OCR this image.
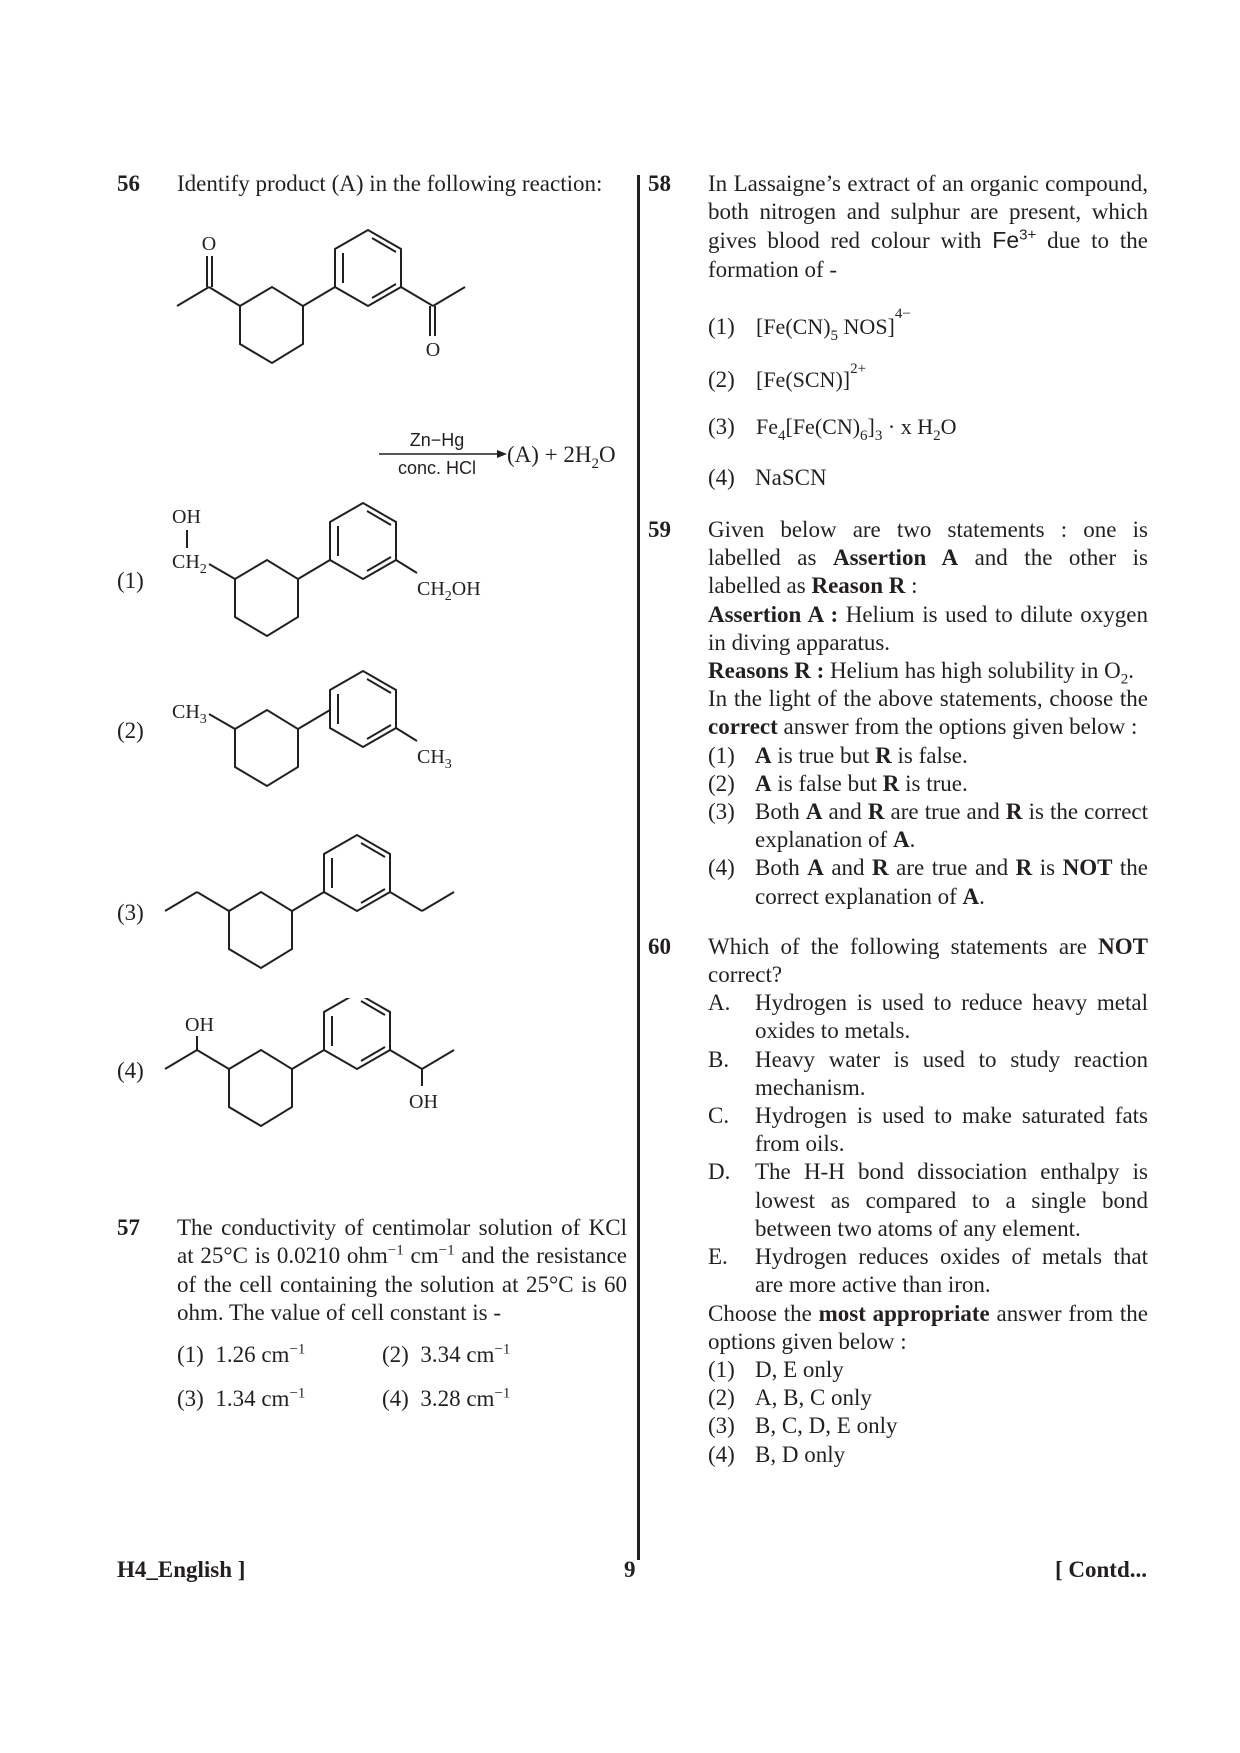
56 Identify product (A) in the following reaction:
O
O
Zn−Hg
conc. HCl
$(A) + 2H_2O$
(1)
OH
$CH_2$
$CH_2OH$
(2)
$CH_3$
$CH_3$
(3)
(4)
OH
OH
57 The conductivity of centimolar solution of KCl at 25°C is 0.0210 ohm$^{-1}$ $cm^{-1}$ and the resistance of the cell containing the solution at 25°C is 60 ohm. The value of cell constant is -
(1) 1.26 $cm^{-1}$	(2) 3.34 $cm^{-1}$
(3) 1.34 $cm^{-1}$	(4) 3.28 $cm^{-1}$
58 In Lassaigne’s extract of an organic compound, both nitrogen and sulphur are present, which gives blood red colour with $Fe^{3+}$ due to the formation of -
(1) [$Fe(CN)_5$ NOS]$^{4-}$
(2) $[Fe(SCN)]^{2+}$
(3) $Fe_4[Fe(CN)_6]_3 \cdot x$ $H_2O$
(4) NaSCN
59 Given below are two statements : one is labelled as Assertion A and the other is labelled as Reason R :
Assertion A : Helium is used to dilute oxygen in diving apparatus.
Reasons R : Helium has high solubility in $O_2$.
In the light of the above statements, choose the correct answer from the options given below :
(1) A is true but R is false.
(2) A is false but R is true.
(3) Both A and R are true and R is the correct explanation of A.
(4) Both A and R are true and R is NOT the correct explanation of A.
60 Which of the following statements are NOT correct?
A. Hydrogen is used to reduce heavy metal oxides to metals.
B. Heavy water is used to study reaction mechanism.
C. Hydrogen is used to make saturated fats from oils.
D. The H-H bond dissociation enthalpy is lowest as compared to a single bond between two atoms of any element.
E. Hydrogen reduces oxides of metals that are more active than iron.
Choose the most appropriate answer from the options given below :
(1) D, E only
(2) A, B, C only
(3) B, C, D, E only
(4) B, D only
H4_English ]	9	[ Contd...
